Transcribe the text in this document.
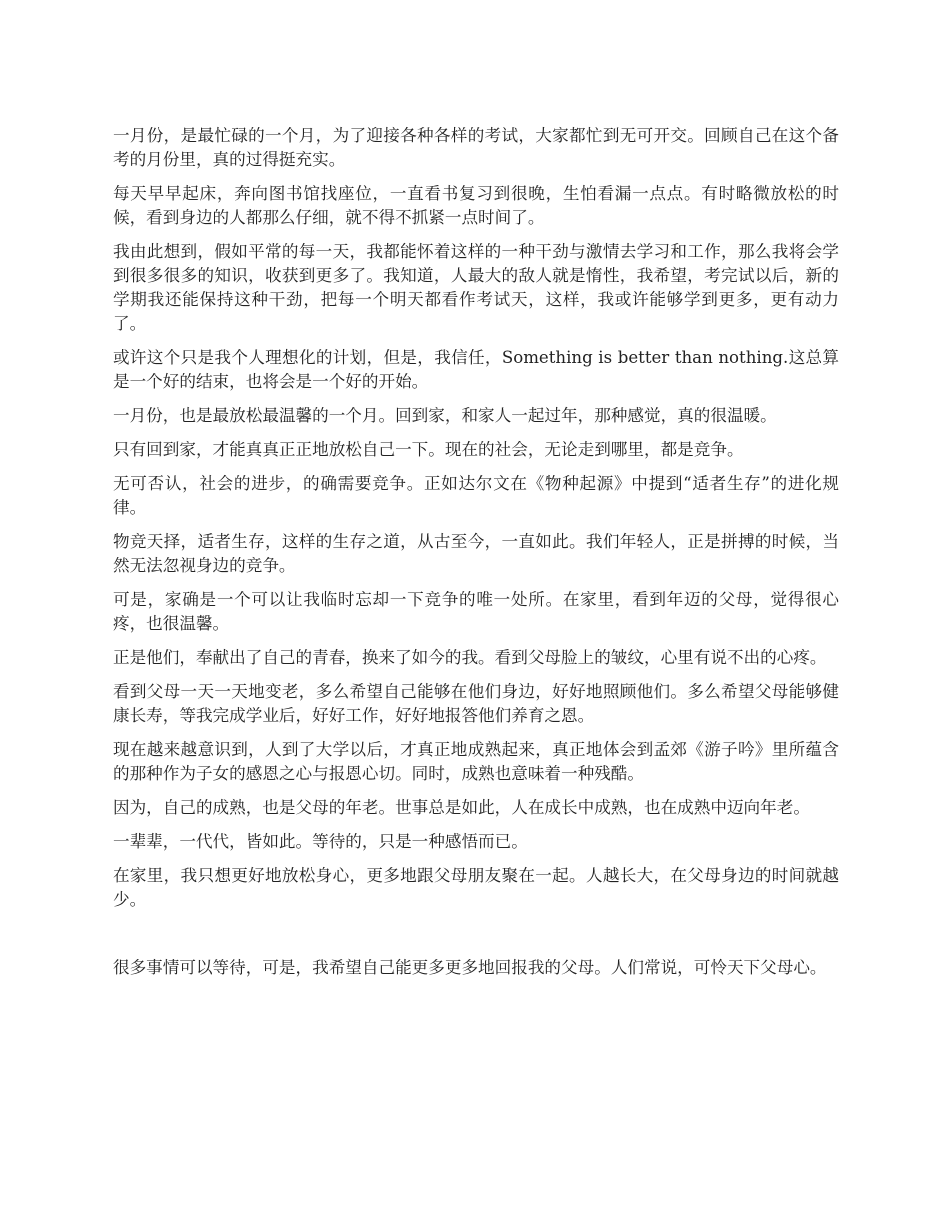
一月份，是最忙碌的一个月，为了迎接各种各样的考试，大家都忙到无可开交。回顾自己在这个备考的月份里，真的过得挺充实。

每天早早起床，奔向图书馆找座位，一直看书复习到很晚，生怕看漏一点点。有时略微放松的时候，看到身边的人都那么仔细，就不得不抓紧一点时间了。

我由此想到，假如平常的每一天，我都能怀着这样的一种干劲与激情去学习和工作，那么我将会学到很多很多的知识，收获到更多了。我知道，人最大的敌人就是惰性，我希望，考完试以后，新的学期我还能保持这种干劲，把每一个明天都看作考试天，这样，我或许能够学到更多，更有动力了。

或许这个只是我个人理想化的计划，但是，我信任，Something is better than nothing.这总算是一个好的结束，也将会是一个好的开始。

一月份，也是最放松最温馨的一个月。回到家，和家人一起过年，那种感觉，真的很温暖。

只有回到家，才能真真正正地放松自己一下。现在的社会，无论走到哪里，都是竞争。

无可否认，社会的进步，的确需要竞争。正如达尔文在《物种起源》中提到“适者生存”的进化规律。

物竞天择，适者生存，这样的生存之道，从古至今，一直如此。我们年轻人，正是拼搏的时候，当然无法忽视身边的竞争。

可是，家确是一个可以让我临时忘却一下竞争的唯一处所。在家里，看到年迈的父母，觉得很心疼，也很温馨。

正是他们，奉献出了自己的青春，换来了如今的我。看到父母脸上的皱纹，心里有说不出的心疼。

看到父母一天一天地变老，多么希望自己能够在他们身边，好好地照顾他们。多么希望父母能够健康长寿，等我完成学业后，好好工作，好好地报答他们养育之恩。

现在越来越意识到，人到了大学以后，才真正地成熟起来，真正地体会到孟郊《游子吟》里所蕴含的那种作为子女的感恩之心与报恩心切。同时，成熟也意味着一种残酷。

因为，自己的成熟，也是父母的年老。世事总是如此，人在成长中成熟，也在成熟中迈向年老。

一辈辈，一代代，皆如此。等待的，只是一种感悟而已。

在家里，我只想更好地放松身心，更多地跟父母朋友聚在一起。人越长大，在父母身边的时间就越少。

很多事情可以等待，可是，我希望自己能更多更多地回报我的父母。人们常说，可怜天下父母心。
